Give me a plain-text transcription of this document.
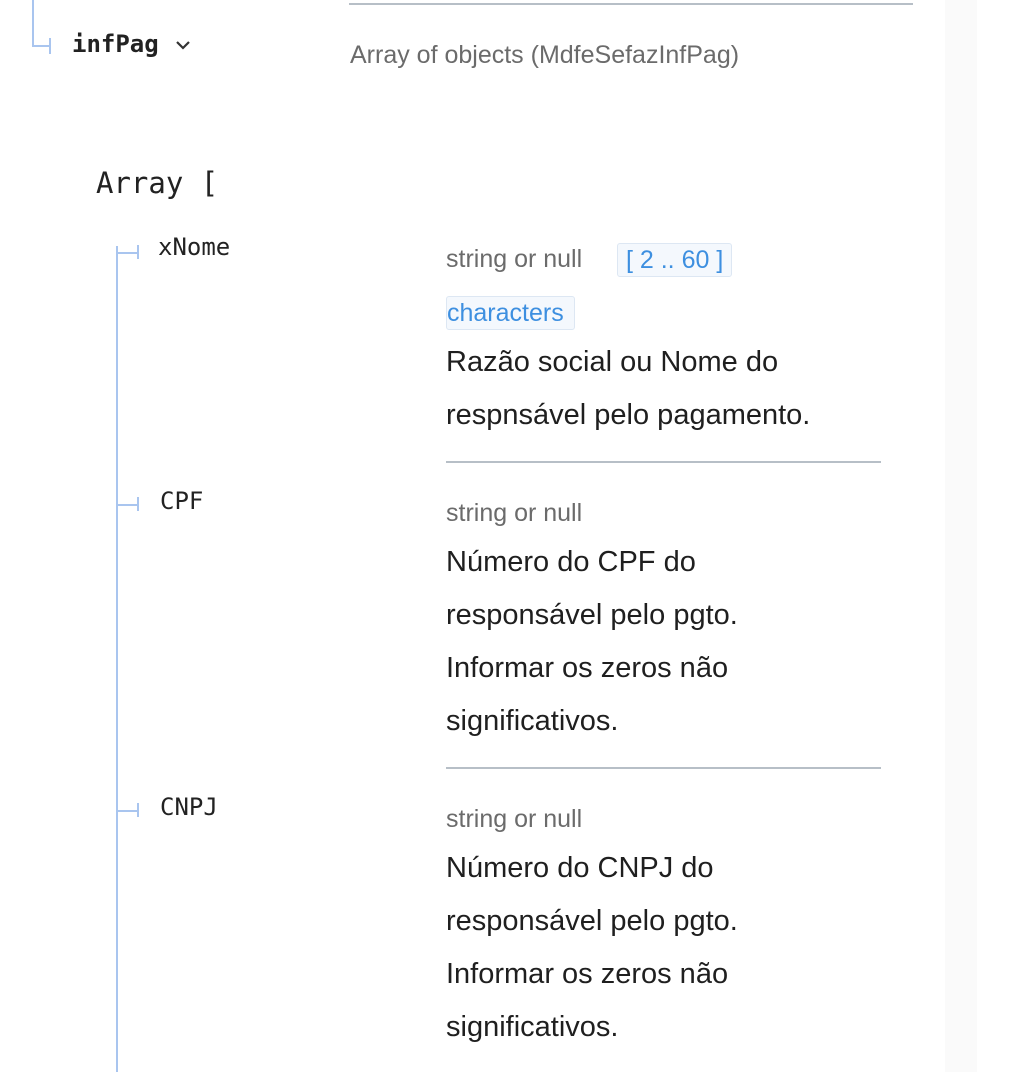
infPag	Array of objects (MdfeSefazInfPag)
Array [
xNome	string or null	[ 2 .. 60 ]
characters
Razão social ou Nome do
respnsável pelo pagamento.
CPF	string or null
Número do CPF do
responsável pelo pgto.
Informar os zeros não
significativos.
CNPJ	string or null
Número do CNPJ do
responsável pelo pgto.
Informar os zeros não
significativos.
